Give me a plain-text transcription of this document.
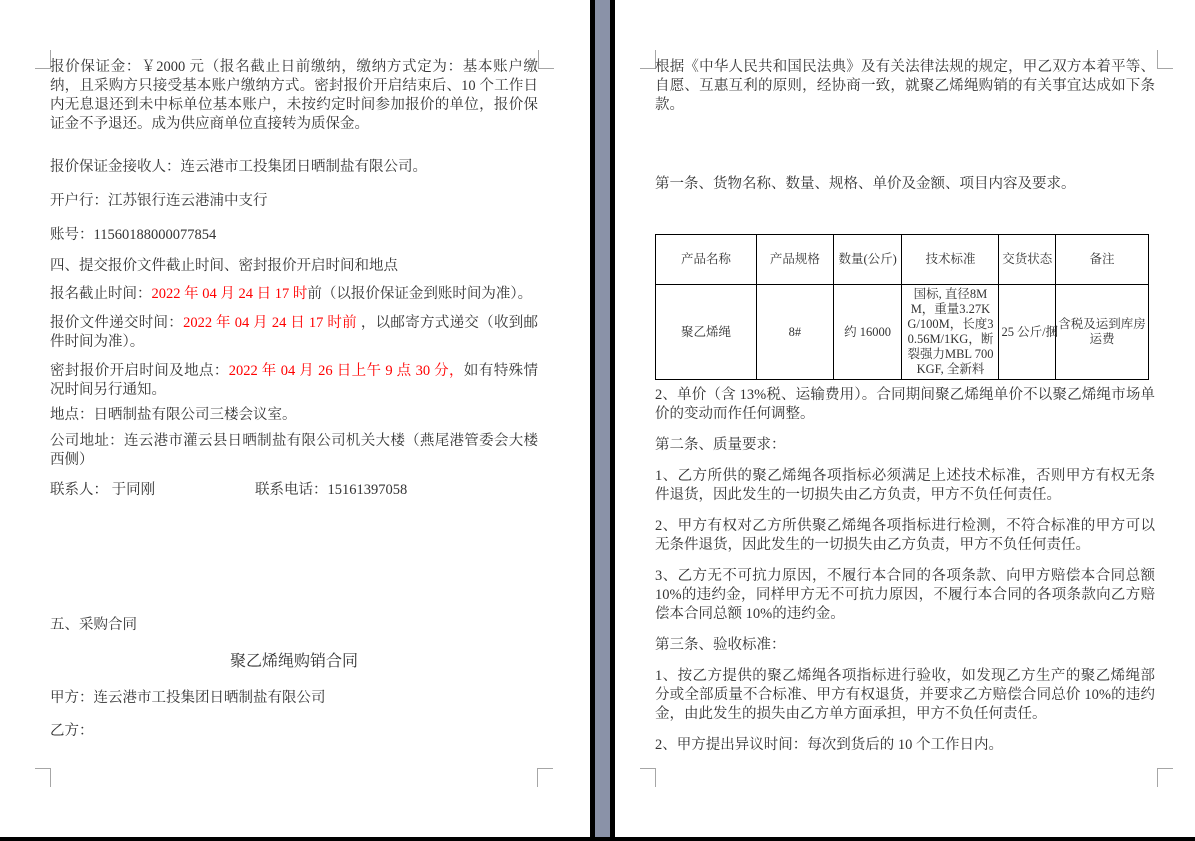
报价保证金：￥2000 元（报名截止日前缴纳，缴纳方式定为：基本账户缴纳，且采购方只接受基本账户缴纳方式。密封报价开启结束后、10 个工作日内无息退还到未中标单位基本账户，未按约定时间参加报价的单位，报价保证金不予退还。成为供应商单位直接转为质保金。

报价保证金接收人：连云港市工投集团日晒制盐有限公司。

开户行：江苏银行连云港浦中支行

账号：11560188000077854

四、提交报价文件截止时间、密封报价开启时间和地点

报名截止时间：2022 年 04 月 24 日 17 时前（以报价保证金到账时间为准）。

报价文件递交时间：2022 年 04 月 24 日 17 时前 ，以邮寄方式递交（收到邮件时间为准）。

密封报价开启时间及地点：2022 年 04 月 26 日上午 9 点 30 分，如有特殊情况时间另行通知。

地点：日晒制盐有限公司三楼会议室。

公司地址：连云港市灌云县日晒制盐有限公司机关大楼（燕尾港管委会大楼西侧）

联系人： 于同刚	联系电话：15161397058

五、采购合同

聚乙烯绳购销合同

甲方：连云港市工投集团日晒制盐有限公司

乙方：

根据《中华人民共和国民法典》及有关法律法规的规定，甲乙双方本着平等、自愿、互惠互利的原则，经协商一致，就聚乙烯绳购销的有关事宜达成如下条款。

第一条、货物名称、数量、规格、单价及金额、项目内容及要求。

产品名称	产品规格	数量(公斤)	技术标准	交货状态	备注
聚乙烯绳	8#	约 16000	国标, 直径8MM，重量3.27KG/100M，长度30.56M/1KG，断裂强力MBL 700KGF, 全新料	25 公斤/捆	含税及运到库房运费

2、单价（含 13%税、运输费用）。合同期间聚乙烯绳单价不以聚乙烯绳市场单价的变动而作任何调整。

第二条、质量要求：

1、乙方所供的聚乙烯绳各项指标必须满足上述技术标准，否则甲方有权无条件退货，因此发生的一切损失由乙方负责，甲方不负任何责任。

2、甲方有权对乙方所供聚乙烯绳各项指标进行检测，不符合标准的甲方可以无条件退货，因此发生的一切损失由乙方负责，甲方不负任何责任。

3、乙方无不可抗力原因，不履行本合同的各项条款、向甲方赔偿本合同总额 10%的违约金，同样甲方无不可抗力原因，不履行本合同的各项条款向乙方赔偿本合同总额 10%的违约金。

第三条、验收标准：

1、按乙方提供的聚乙烯绳各项指标进行验收，如发现乙方生产的聚乙烯绳部分或全部质量不合标准、甲方有权退货，并要求乙方赔偿合同总价 10%的违约金，由此发生的损失由乙方单方面承担，甲方不负任何责任。

2、甲方提出异议时间：每次到货后的 10 个工作日内。
